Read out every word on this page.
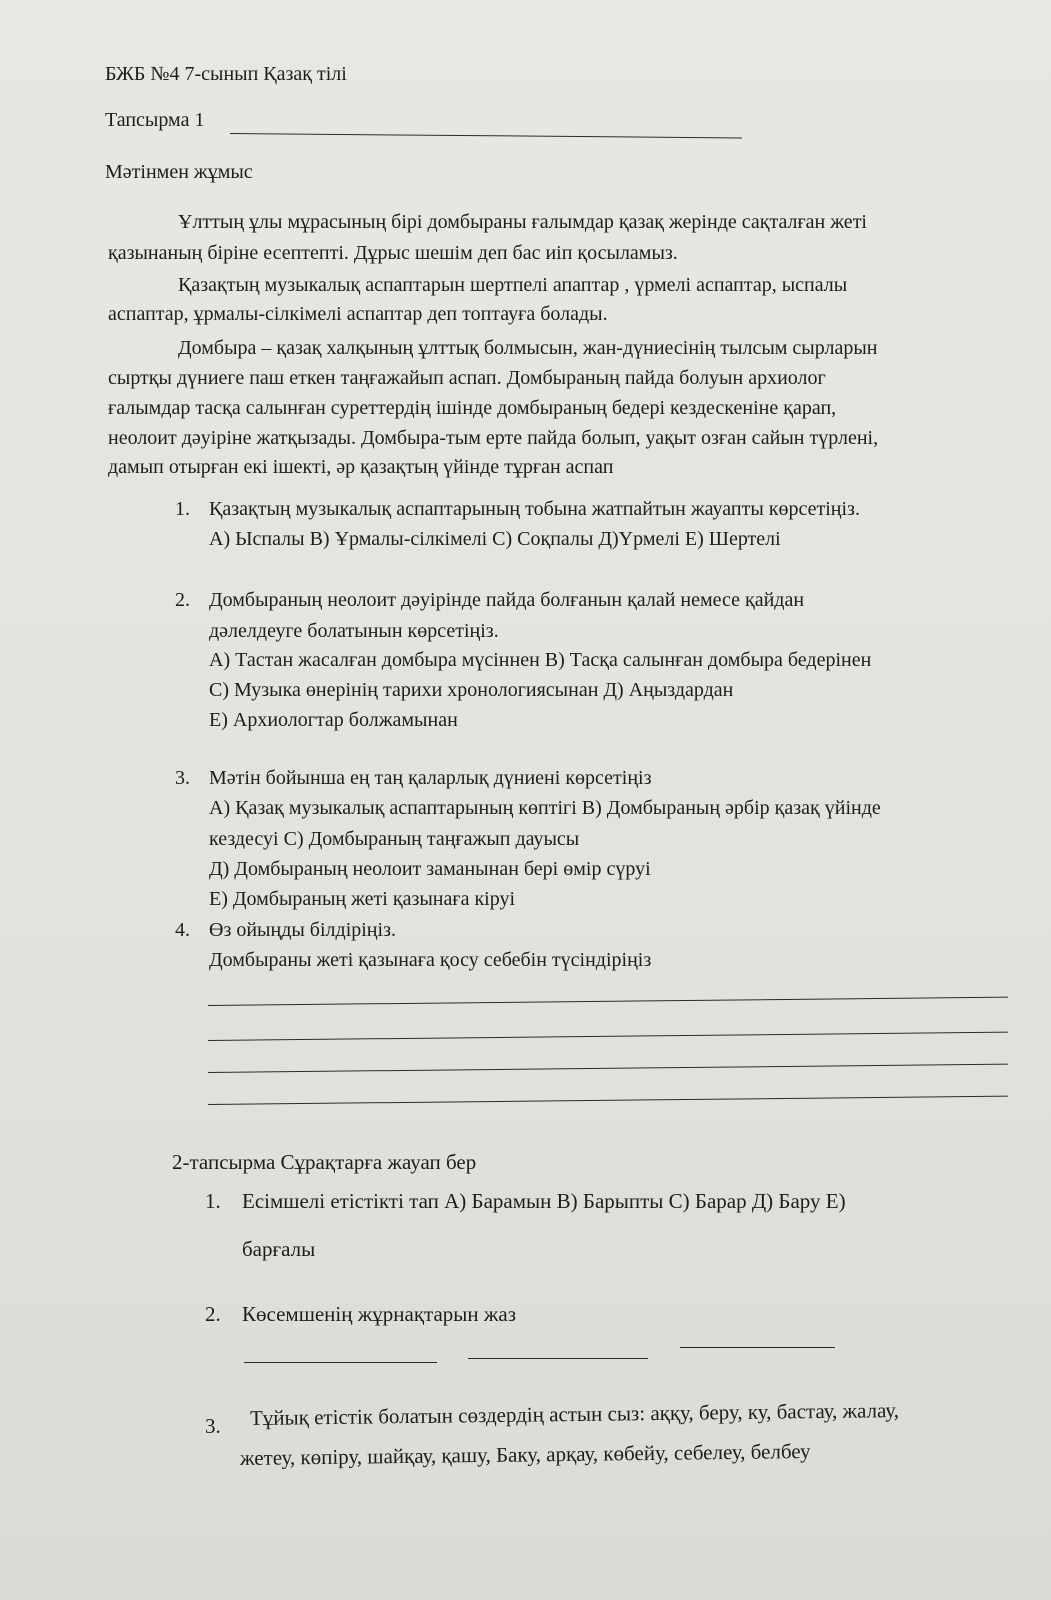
БЖБ №4 7-сынып Қазақ тілі
Тапсырма 1
Мәтінмен жұмыс
Ұлттың ұлы мұрасының бірі домбыраны ғалымдар қазақ жерінде сақталған жеті
қазынаның біріне есептепті. Дұрыс шешім деп бас иіп қосыламыз.
Қазақтың музыкалық аспаптарын шертпелі апаптар , үрмелі аспаптар, ыспалы
аспаптар, ұрмалы-сілкімелі аспаптар деп топтауға болады.
Домбыра – қазақ халқының ұлттық болмысын, жан-дүниесінің тылсым сырларын
сыртқы дүниеге паш еткен таңғажайып аспап. Домбыраның пайда болуын архиолог
ғалымдар тасқа салынған суреттердің ішінде домбыраның бедері кездескеніне қарап,
неолоит дәуіріне жатқызады. Домбыра-тым ерте пайда болып, уақыт озған сайын түрлені,
дамып отырған екі ішекті, әр қазақтың үйінде тұрған аспап
1. Қазақтың музыкалық аспаптарының тобына жатпайтын жауапты көрсетіңіз.
А) Ыспалы В) Ұрмалы-сілкімелі С) Соқпалы Д)Үрмелі Е) Шертелі
2. Домбыраның неолоит дәуірінде пайда болғанын қалай немесе қайдан
дәлелдеуге болатынын көрсетіңіз.
А) Тастан жасалған домбыра мүсіннен В) Тасқа салынған домбыра бедерінен
С) Музыка өнерінің тарихи хронологиясынан Д) Аңыздардан
Е) Архиологтар болжамынан
3. Мәтін бойынша ең таң қаларлық дүниені көрсетіңіз
А) Қазақ музыкалық аспаптарының көптігі В) Домбыраның әрбір қазақ үйінде
кездесуі С) Домбыраның таңғажып дауысы
Д) Домбыраның неолоит заманынан бері өмір сүруі
Е) Домбыраның жеті қазынаға кіруі
4. Өз ойыңды білдіріңіз.
Домбыраны жеті қазынаға қосу себебін түсіндіріңіз
2-тапсырма Сұрақтарға жауап бер
1. Есімшелі етістікті тап А) Барамын В) Барыпты С) Барар Д) Бару Е)
барғалы
2. Көсемшенің жұрнақтарын жаз
3. Тұйық етістік болатын сөздердің астын сыз: аққу, беру, ку, бастау, жалау,
жетеу, көпіру, шайқау, қашу, Баку, арқау, көбейу, себелеу, белбеу
